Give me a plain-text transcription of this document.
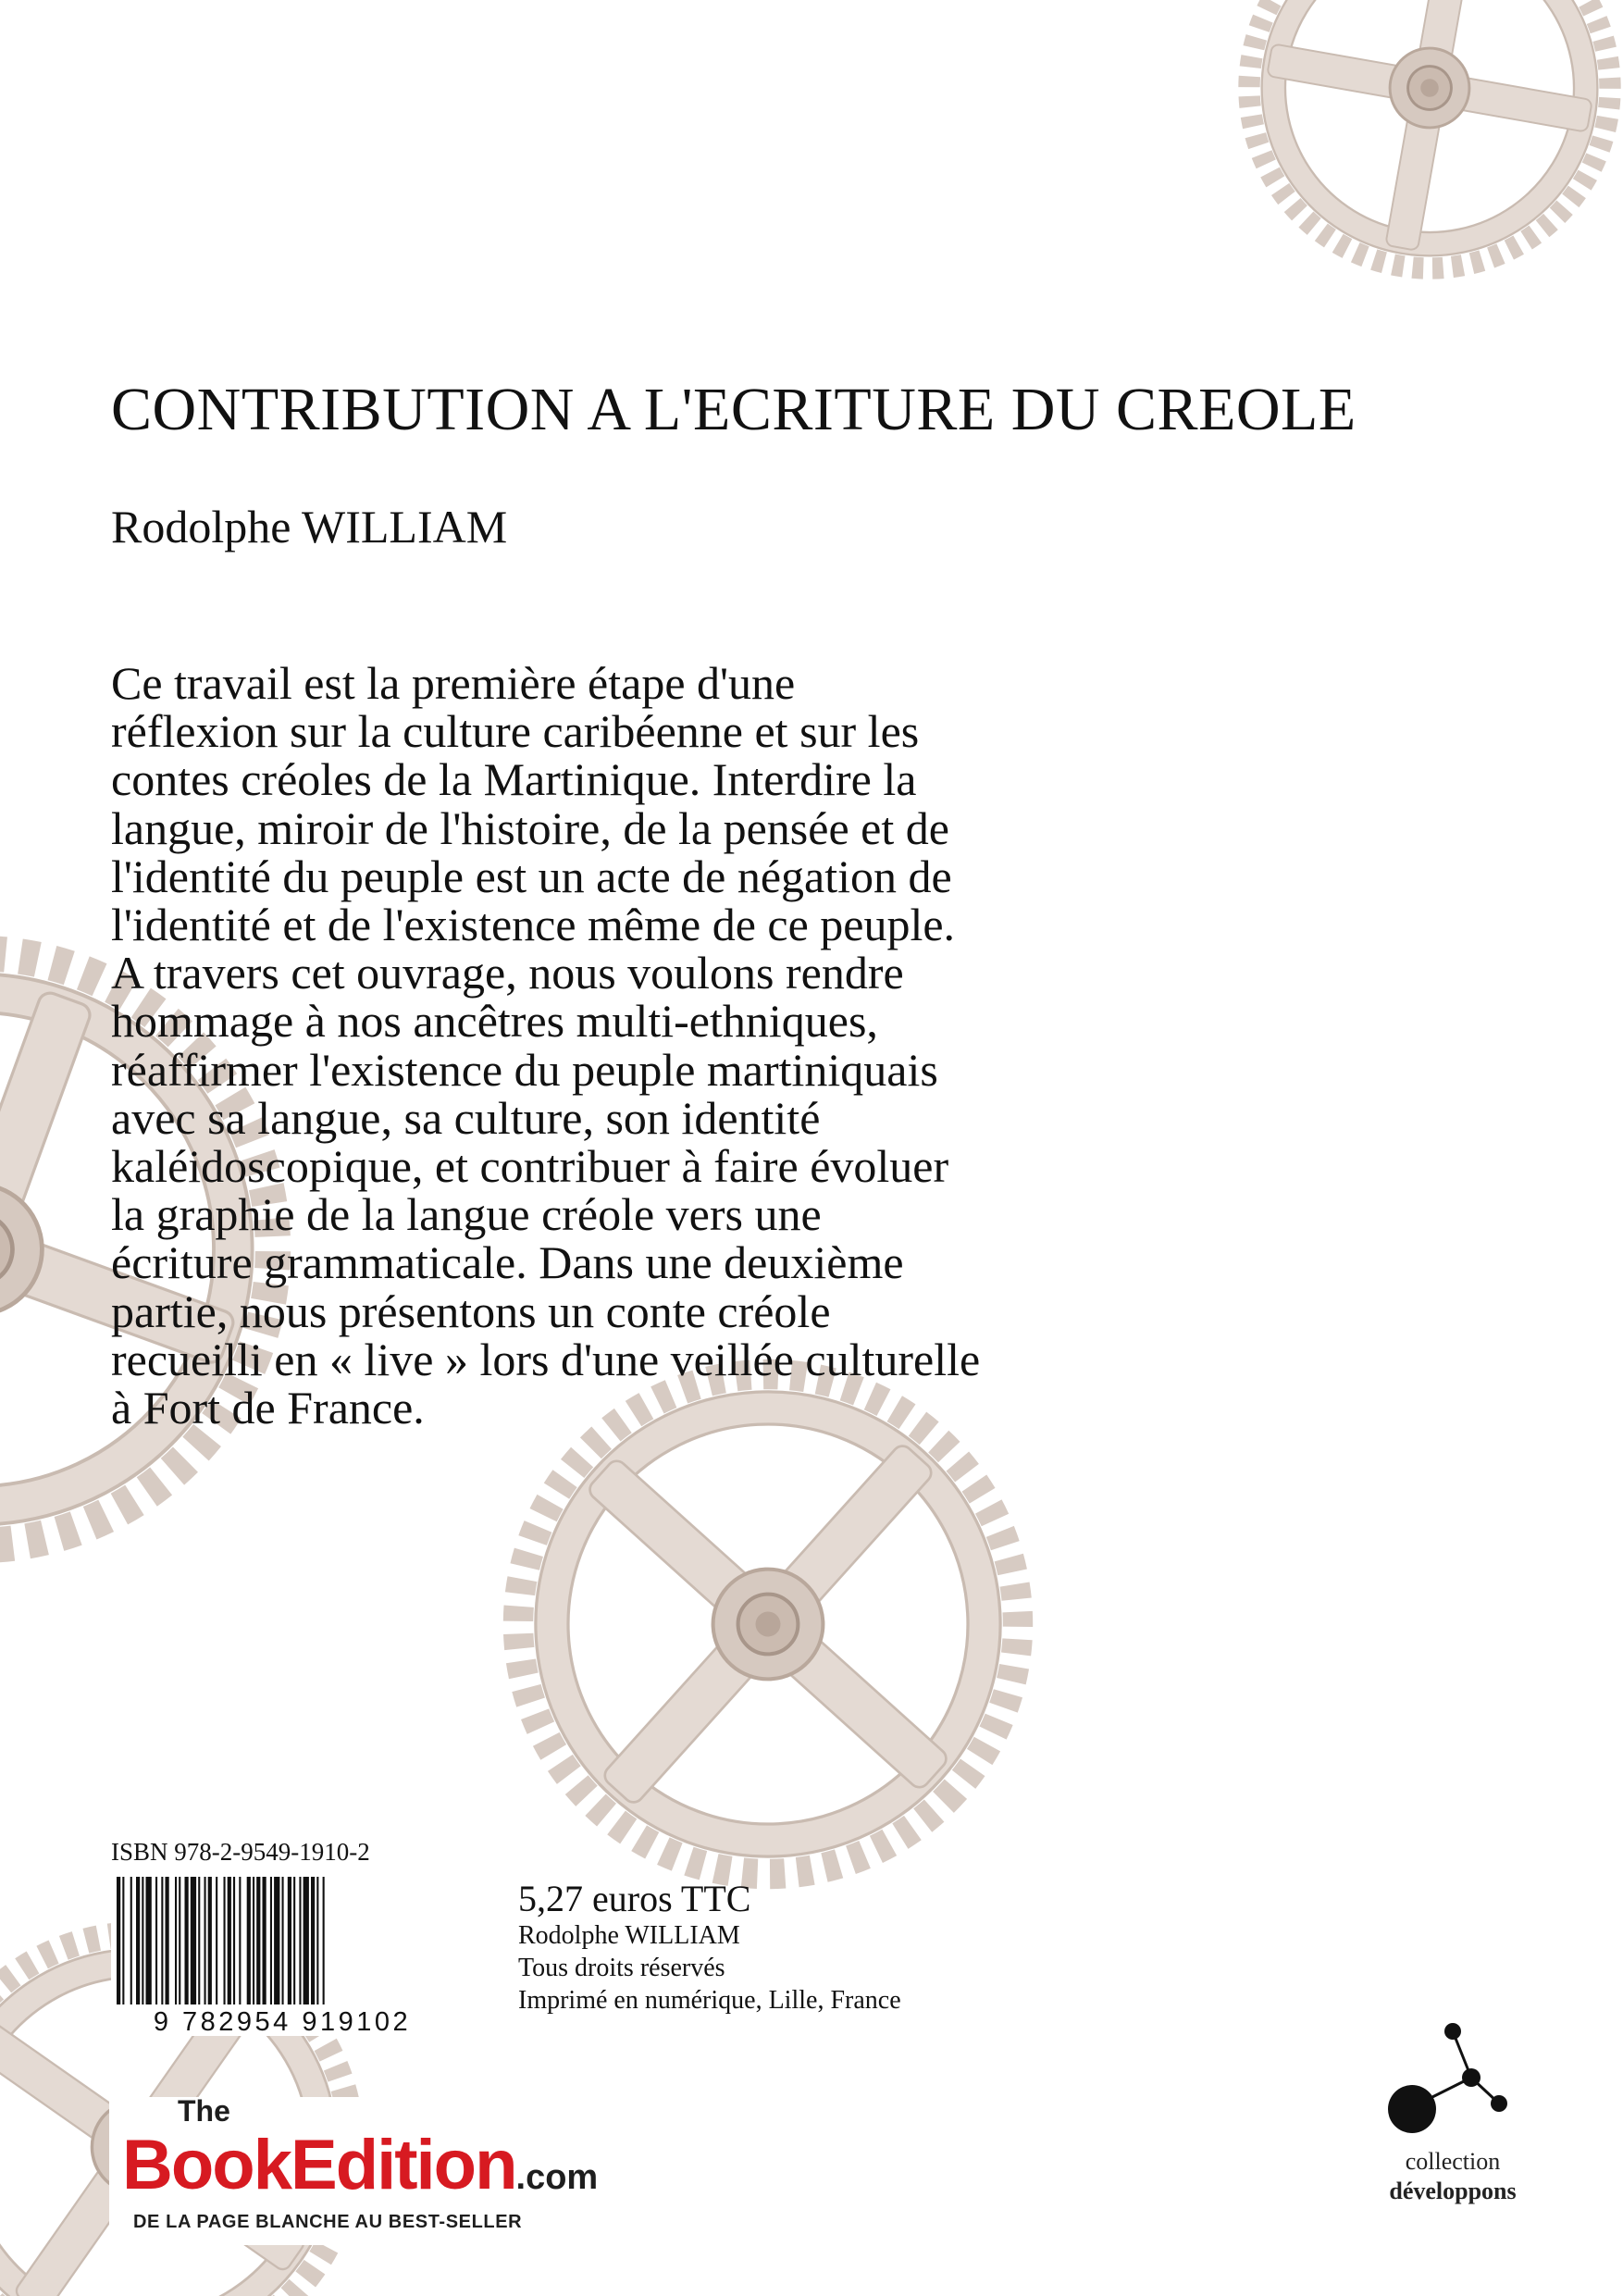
CONTRIBUTION A L'ECRITURE DU CREOLE
Rodolphe WILLIAM
Ce travail est la première étape d'une
réflexion sur la culture caribéenne et sur les
contes créoles de la Martinique. Interdire la
langue, miroir de l'histoire, de la pensée et de
l'identité du peuple est un acte de négation de
l'identité et de l'existence même de ce peuple.
A travers cet ouvrage, nous voulons rendre
hommage à nos ancêtres multi-ethniques,
réaffirmer l'existence du peuple martiniquais
avec sa langue, sa culture, son identité
kaléidoscopique, et contribuer à faire évoluer
la graphie de la langue créole vers une
écriture grammaticale. Dans une deuxième
partie, nous présentons un conte créole
recueilli en « live » lors d'une veillée culturelle
à Fort de France.
ISBN 978-2-9549-1910-2
9 782954 919102
5,27 euros TTC
Rodolphe WILLIAM
Tous droits réservés
Imprimé en numérique, Lille, France
The
BookEdition.com
DE LA PAGE BLANCHE AU BEST-SELLER
collection
développons
